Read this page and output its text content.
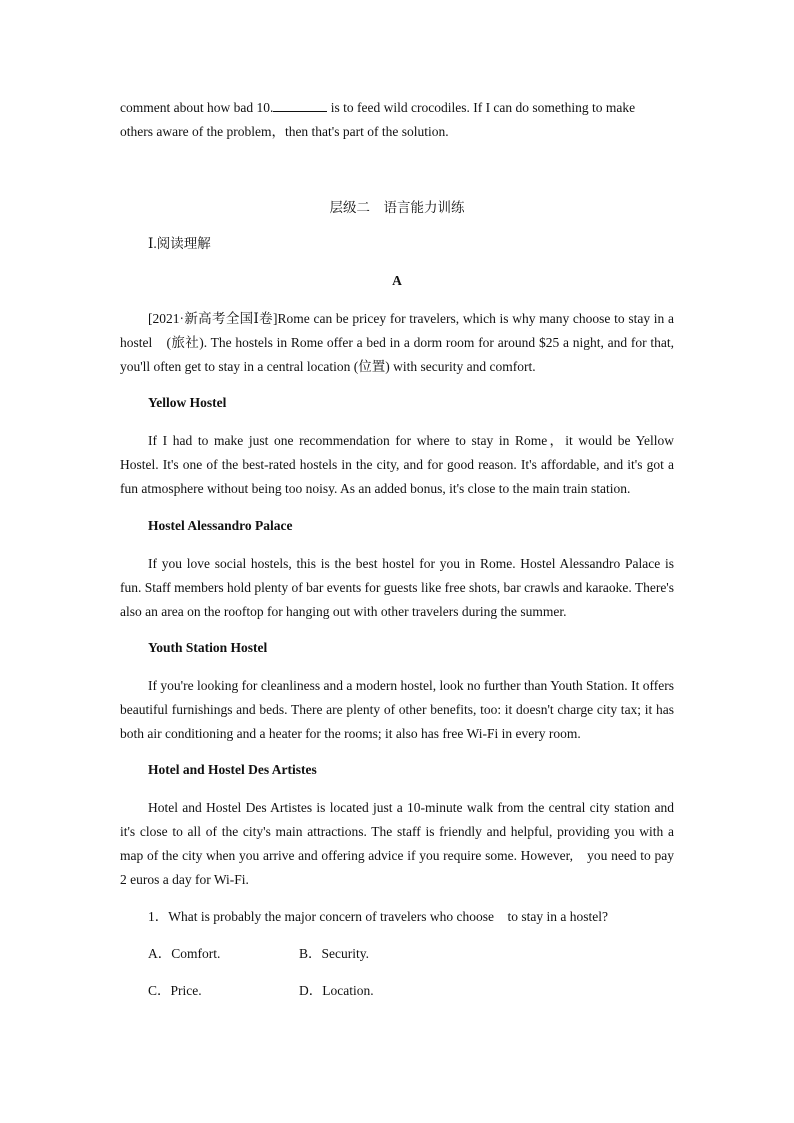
comment about how bad 10.	is to feed wild crocodiles. If I can do something to make

others aware of the problem，then that's part of the solution.

层级二　语言能力训练

Ⅰ.阅读理解

A

[2021·新高考全国Ⅰ卷]Rome can be pricey for travelers, which is why many choose to stay in a hostel　(旅社). The hostels in Rome offer a bed in a dorm room for around $25 a night, and for that, you'll often get to stay in a central location (位置) with security and comfort.

Yellow Hostel

If I had to make just one recommendation for where to stay in Rome，it would be Yellow Hostel. It's one of the best-rated hostels in the city, and for good reason. It's affordable, and it's got a fun atmosphere without being too noisy. As an added bonus, it's close to the main train station.

Hostel Alessandro Palace

If you love social hostels, this is the best hostel for you in Rome. Hostel Alessandro Palace is fun. Staff members hold plenty of bar events for guests like free shots, bar crawls and karaoke. There's also an area on the rooftop for hanging out with other travelers during the summer.

Youth Station Hostel

If you're looking for cleanliness and a modern hostel, look no further than Youth Station. It offers beautiful furnishings and beds. There are plenty of other benefits, too: it doesn't charge city tax; it has both air conditioning and a heater for the rooms; it also has free Wi-Fi in every room.

Hotel and Hostel Des Artistes

Hotel and Hostel Des Artistes is located just a 10-minute walk from the central city station and it's close to all of the city's main attractions. The staff is friendly and helpful, providing you with a map of the city when you arrive and offering advice if you require some. However,　you need to pay 2 euros a day for Wi-Fi.

1．What is probably the major concern of travelers who choose　to stay in a hostel?

A．Comfort.	B．Security.

C．Price.	D．Location.
